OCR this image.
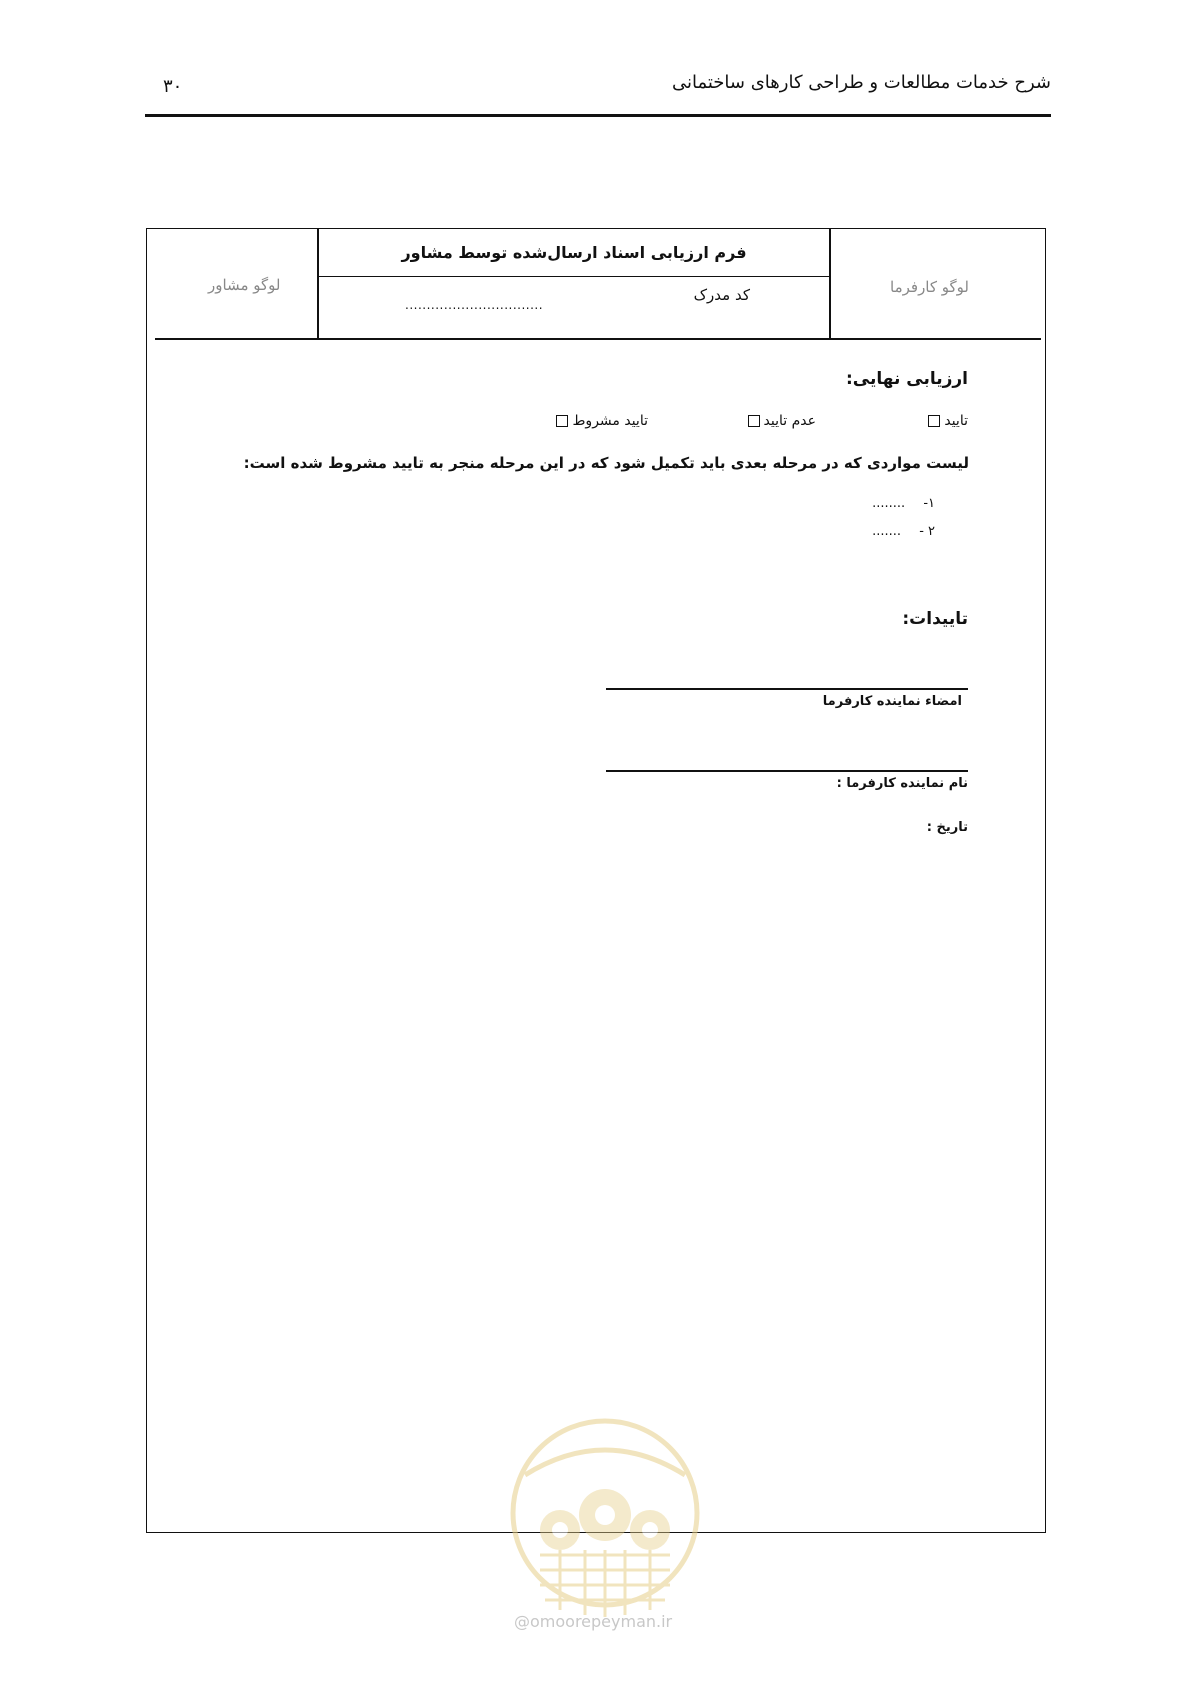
شرح خدمات مطالعات و طراحی کارهای ساختمانی
۳۰
لوگو مشاور	لوگو کارفرما
فرم ارزیابی اسناد ارسال‌شده توسط مشاور
کد مدرک
................................
ارزیابی نهایی:
تایید
عدم تایید
تایید مشروط
لیست مواردی که در مرحله بعدی باید تکمیل شود که در این مرحله منجر به تایید مشروط شده است:
۱- ........
۲ - .......
تاییدات:
امضاء نماینده کارفرما
نام نماینده کارفرما :
تاریخ :
@omoorepeyman.ir
